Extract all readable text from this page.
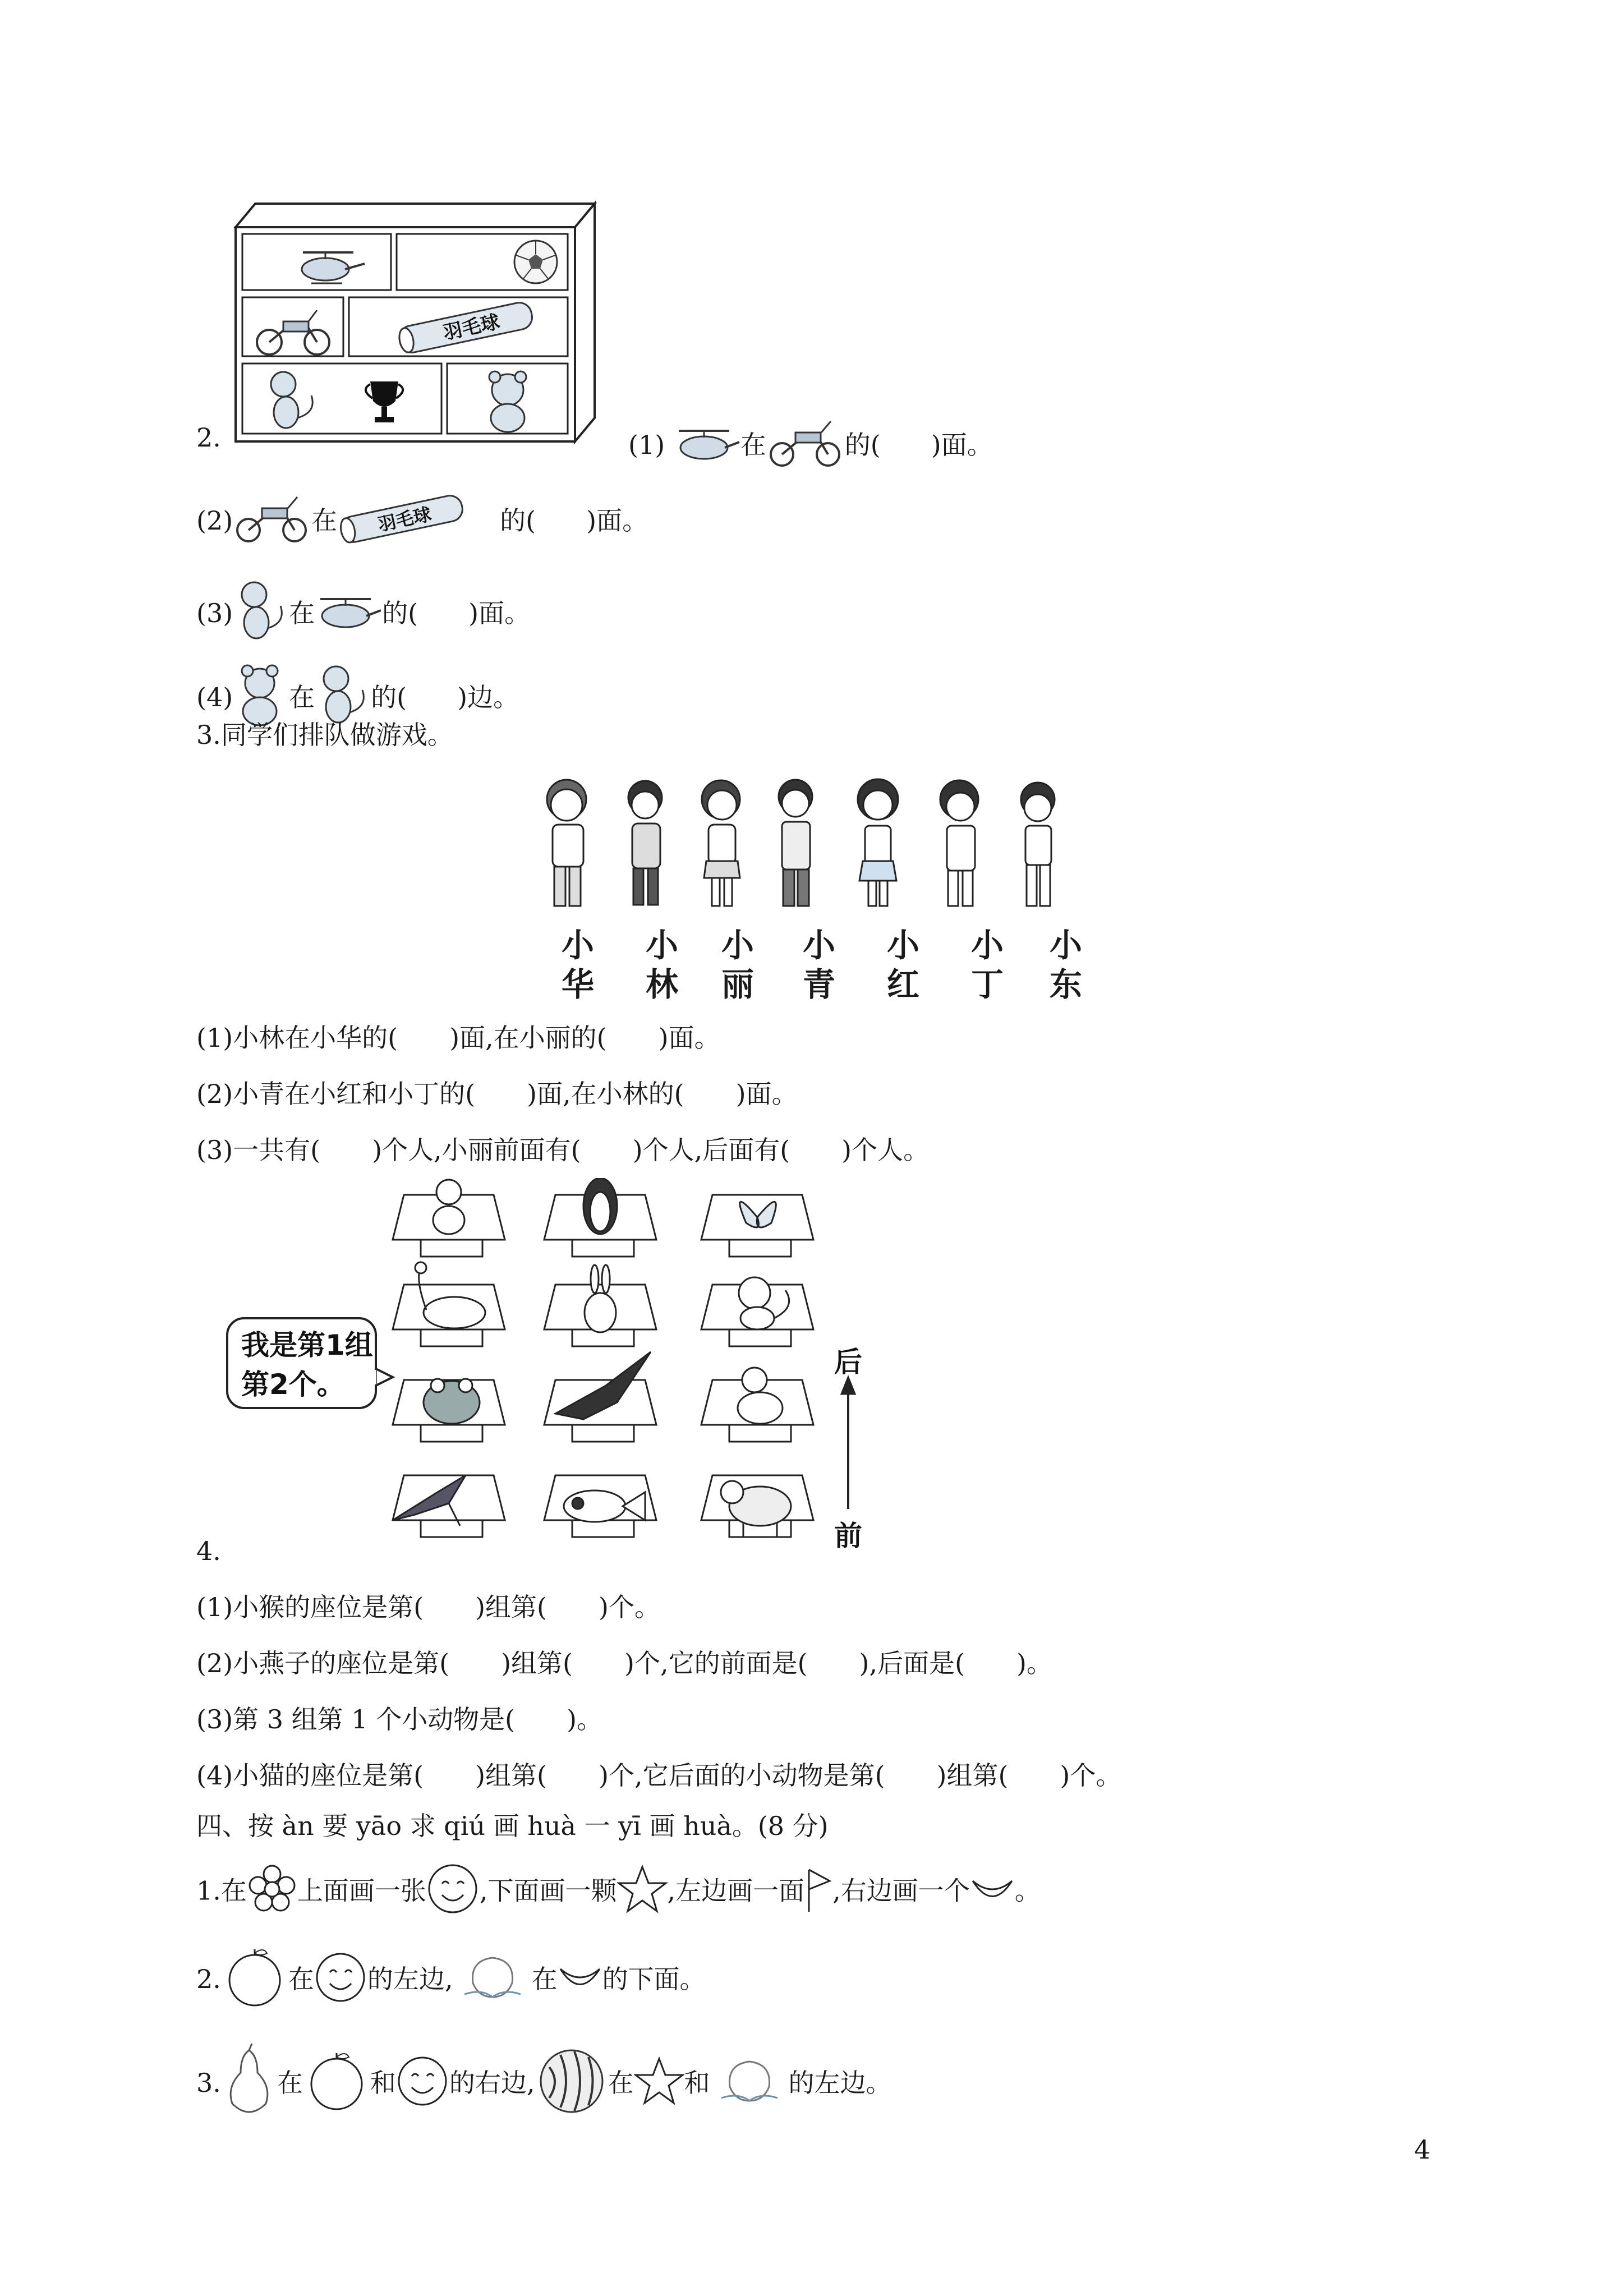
羽毛球
2.	(1)	在	的( )面。
(2)	在 羽毛球	的( )面。
(3) 在	的( )面。
(4) 在 的( )边。
3.同学们排队做游戏。
小
华
小
林
小
丽
小
青
小
红
小
丁
小
东
(1)小林在小华的(　　)面,在小丽的(　　)面。
(2)小青在小红和小丁的(　　)面,在小林的(　　)面。
(3)一共有(　　)个人,小丽前面有(　　)个人,后面有(　　)个人。
我是第1组
第2个。
后
前
4.
(1)小猴的座位是第(　　)组第(　　)个。
(2)小燕子的座位是第(　　)组第(　　)个,它的前面是(　　),后面是(　　)。
(3)第 3 组第 1 个小动物是(　　)。
(4)小猫的座位是第(　　)组第(　　)个,它后面的小动物是第(　　)组第(　　)个。
四、按 àn 要 yāo 求 qiú 画 huà 一 yī 画 huà。(8 分)
1.在 上面画一张 ,下面画一颗 ,左边画一面 ,右边画一个 。
2.	在 的左边,	在 的下面。
3. 在	和 的右边,	在 和	的左边。
4
